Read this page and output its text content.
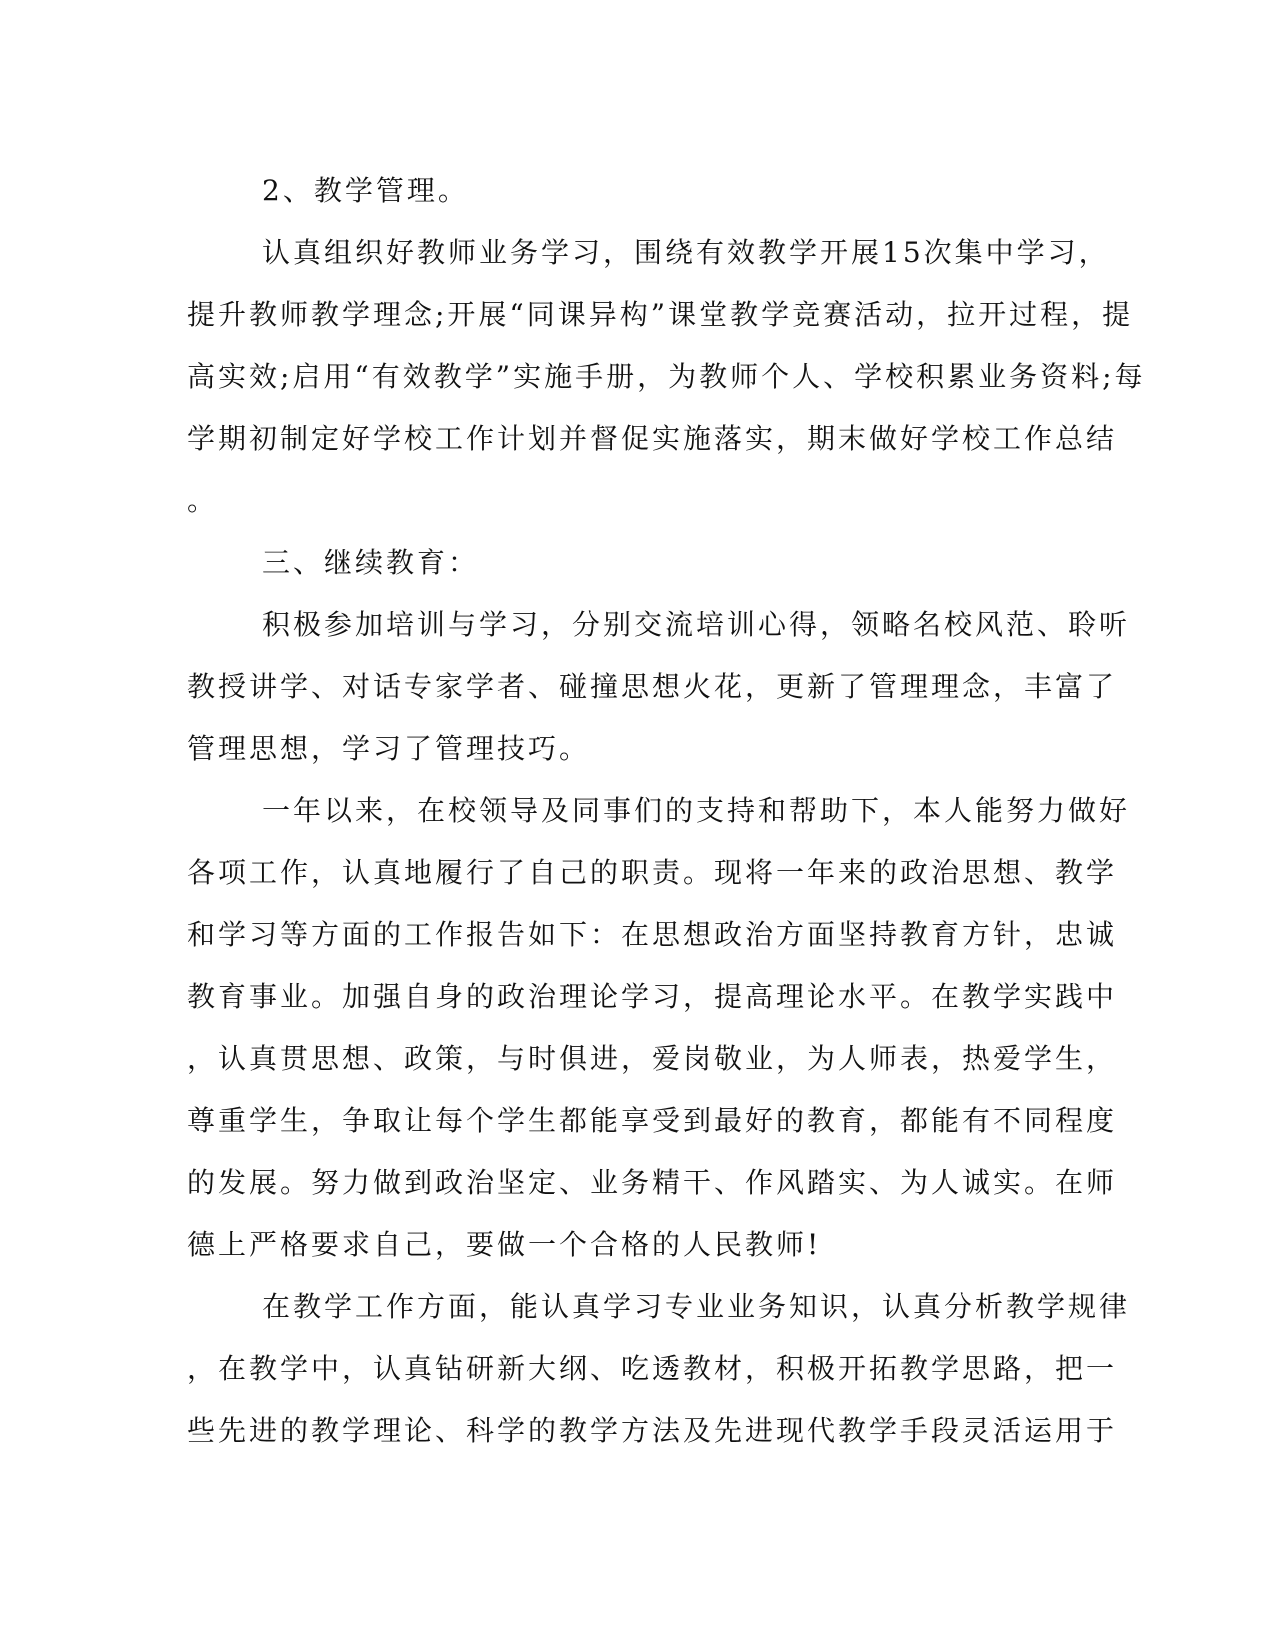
2、教学管理。
认真组织好教师业务学习，围绕有效教学开展15次集中学习，
提升教师教学理念;开展“同课异构”课堂教学竞赛活动，拉开过程，提
高实效;启用“有效教学”实施手册，为教师个人、学校积累业务资料;每
学期初制定好学校工作计划并督促实施落实，期末做好学校工作总结
。
三、继续教育：
积极参加培训与学习，分别交流培训心得，领略名校风范、聆听
教授讲学、对话专家学者、碰撞思想火花，更新了管理理念，丰富了
管理思想，学习了管理技巧。
一年以来，在校领导及同事们的支持和帮助下，本人能努力做好
各项工作，认真地履行了自己的职责。现将一年来的政治思想、教学
和学习等方面的工作报告如下：在思想政治方面坚持教育方针，忠诚
教育事业。加强自身的政治理论学习，提高理论水平。在教学实践中
，认真贯思想、政策，与时俱进，爱岗敬业，为人师表，热爱学生，
尊重学生，争取让每个学生都能享受到最好的教育，都能有不同程度
的发展。努力做到政治坚定、业务精干、作风踏实、为人诚实。在师
德上严格要求自己，要做一个合格的人民教师!
在教学工作方面，能认真学习专业业务知识，认真分析教学规律
，在教学中，认真钻研新大纲、吃透教材，积极开拓教学思路，把一
些先进的教学理论、科学的教学方法及先进现代教学手段灵活运用于
